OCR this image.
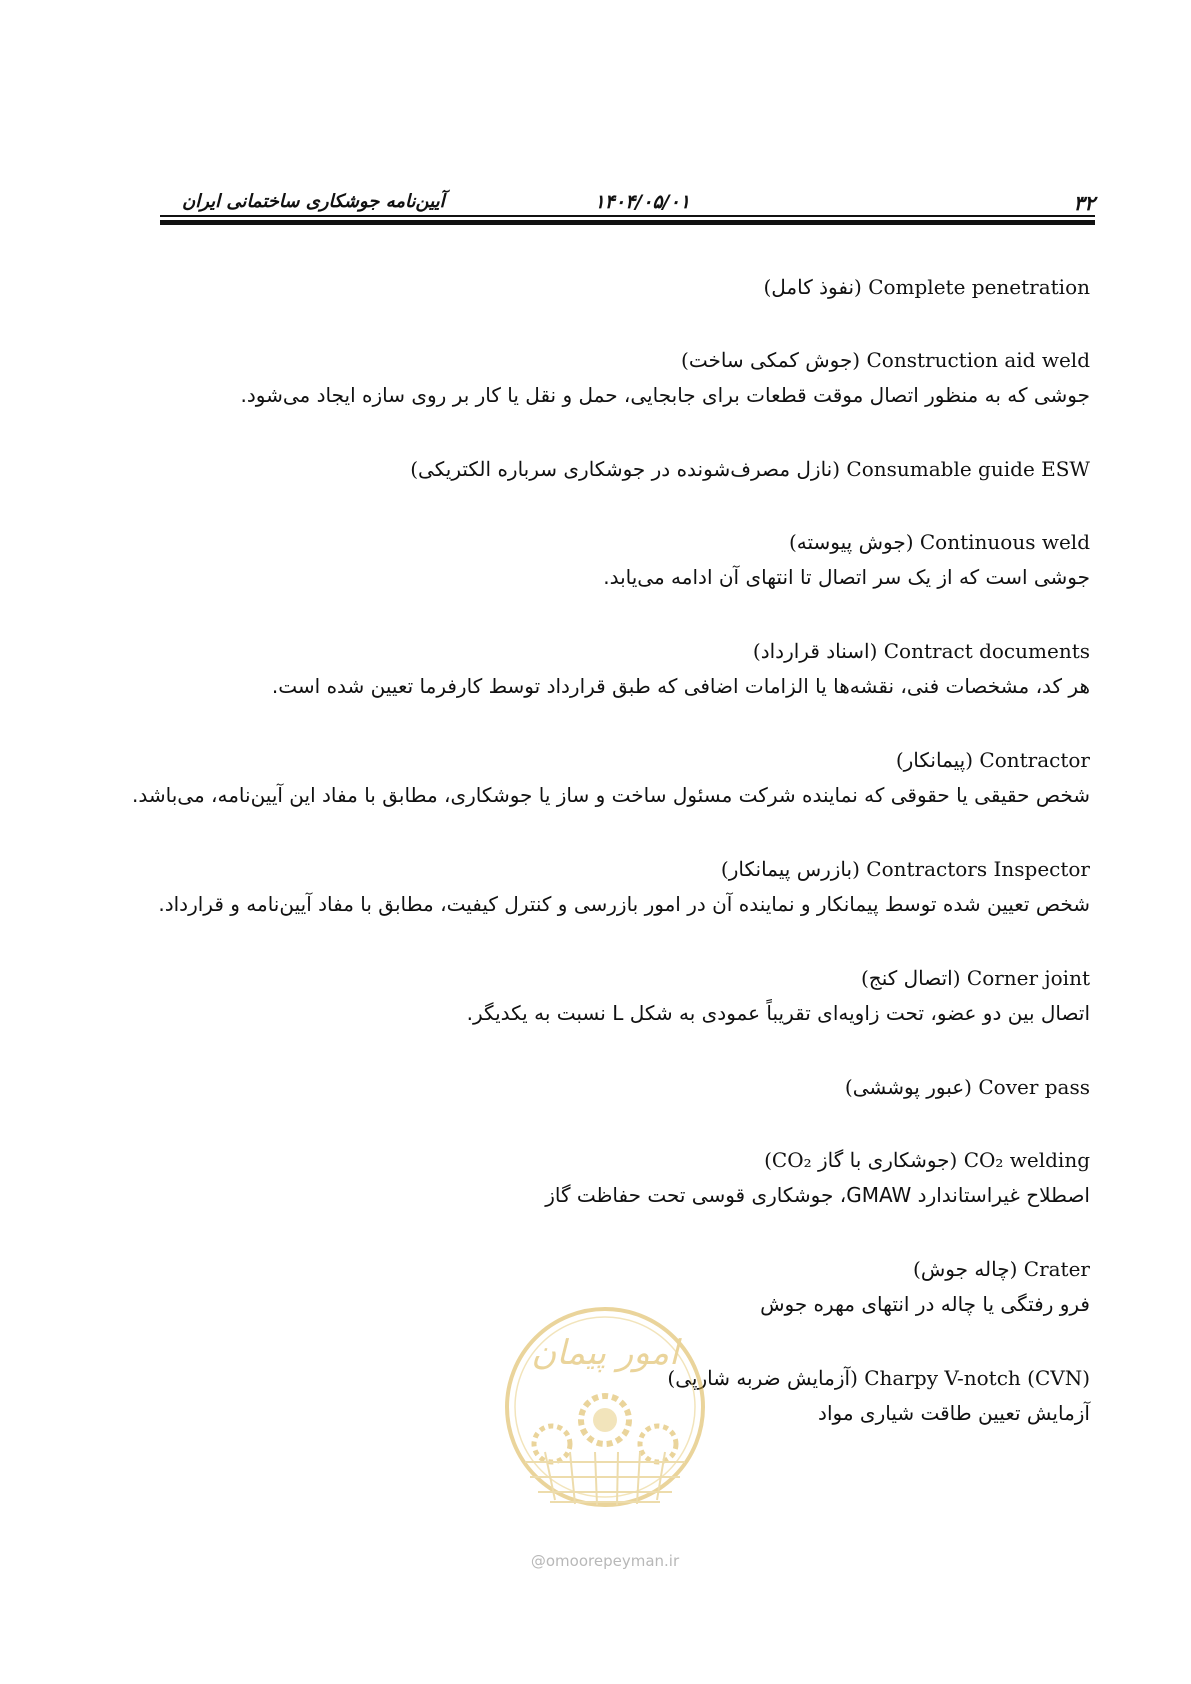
۳۲
۱۴۰۴/۰۵/۰۱
آیین‌نامه جوشکاری ساختمانی ایران
Complete penetration (نفوذ کامل)
Construction aid weld (جوش کمکی ساخت)
جوشی که به منظور اتصال موقت قطعات برای جابجایی، حمل و نقل یا کار بر روی سازه ایجاد می‌شود.
Consumable guide ESW (نازل مصرف‌شونده در جوشکاری سرباره الکتریکی)
Continuous weld (جوش پیوسته)
جوشی است که از یک سر اتصال تا انتهای آن ادامه می‌یابد.
Contract documents (اسناد قرارداد)
هر کد، مشخصات فنی، نقشه‌ها یا الزامات اضافی که طبق قرارداد توسط کارفرما تعیین شده است.
Contractor (پیمانکار)
شخص حقیقی یا حقوقی که نماینده شرکت مسئول ساخت و ساز یا جوشکاری، مطابق با مفاد این آیین‌نامه، می‌باشد.
Contractors Inspector (بازرس پیمانکار)
شخص تعیین شده توسط پیمانکار و نماینده آن در امور بازرسی و کنترل کیفیت، مطابق با مفاد آیین‌نامه و قرارداد.
Corner joint (اتصال کنج)
اتصال بین دو عضو، تحت زاویه‌ای تقریباً عمودی به شکل L نسبت به یکدیگر.
Cover pass (عبور پوششی)
CO₂ welding (جوشکاری با گاز CO₂)
اصطلاح غیراستاندارد GMAW، جوشکاری قوسی تحت حفاظت گاز
Crater (چاله جوش)
فرو رفتگی یا چاله در انتهای مهره جوش
Charpy V-notch (CVN) (آزمایش ضربه شارپی)
آزمایش تعیین طاقت شیاری مواد
امور پیمان
@omoorepeyman.ir
